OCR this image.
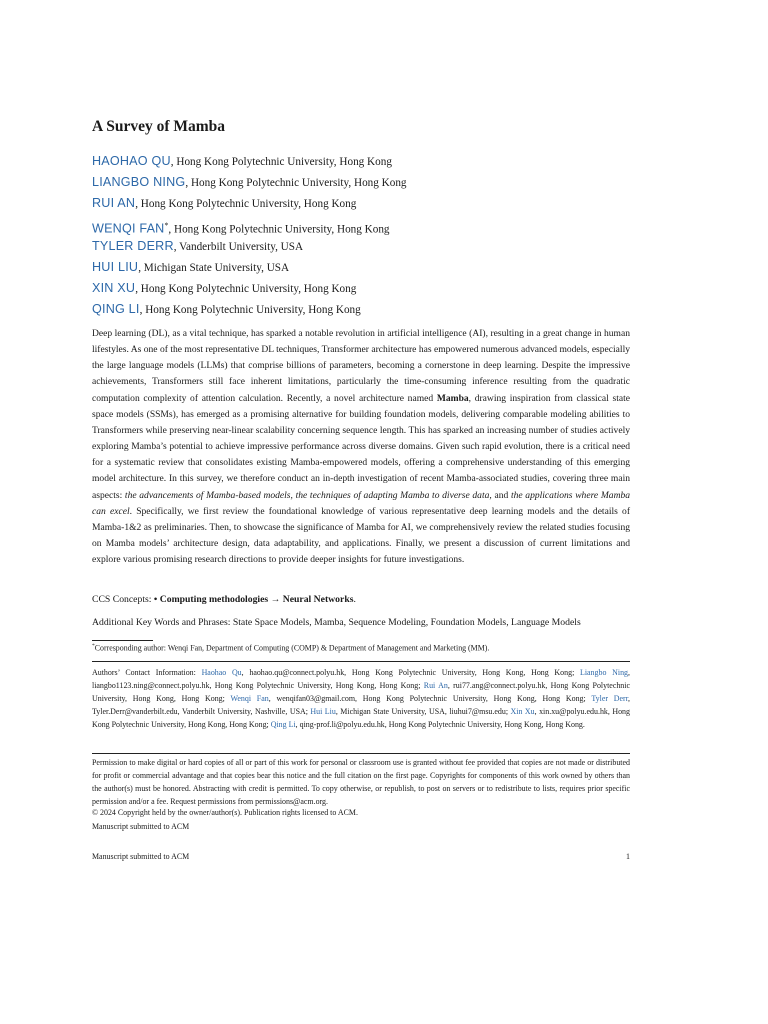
A Survey of Mamba
HAOHAO QU, Hong Kong Polytechnic University, Hong Kong
LIANGBO NING, Hong Kong Polytechnic University, Hong Kong
RUI AN, Hong Kong Polytechnic University, Hong Kong
WENQI FAN*, Hong Kong Polytechnic University, Hong Kong
TYLER DERR, Vanderbilt University, USA
HUI LIU, Michigan State University, USA
XIN XU, Hong Kong Polytechnic University, Hong Kong
QING LI, Hong Kong Polytechnic University, Hong Kong

Deep learning (DL), as a vital technique, has sparked a notable revolution in artificial intelligence (AI), resulting in a great change in human lifestyles. As one of the most representative DL techniques, Transformer architecture has empowered numerous advanced models, especially the large language models (LLMs) that comprise billions of parameters, becoming a cornerstone in deep learning. Despite the impressive achievements, Transformers still face inherent limitations, particularly the time-consuming inference resulting from the quadratic computation complexity of attention calculation. Recently, a novel architecture named Mamba, drawing inspiration from classical state space models (SSMs), has emerged as a promising alternative for building foundation models, delivering comparable modeling abilities to Transformers while preserving near-linear scalability concerning sequence length. This has sparked an increasing number of studies actively exploring Mamba’s potential to achieve impressive performance across diverse domains. Given such rapid evolution, there is a critical need for a systematic review that consolidates existing Mamba-empowered models, offering a comprehensive understanding of this emerging model architecture. In this survey, we therefore conduct an in-depth investigation of recent Mamba-associated studies, covering three main aspects: the advancements of Mamba-based models, the techniques of adapting Mamba to diverse data, and the applications where Mamba can excel. Specifically, we first review the foundational knowledge of various representative deep learning models and the details of Mamba-1&2 as preliminaries. Then, to showcase the significance of Mamba for AI, we comprehensively review the related studies focusing on Mamba models’ architecture design, data adaptability, and applications. Finally, we present a discussion of current limitations and explore various promising research directions to provide deeper insights for future investigations.

CCS Concepts: • Computing methodologies → Neural Networks.

Additional Key Words and Phrases: State Space Models, Mamba, Sequence Modeling, Foundation Models, Language Models

*Corresponding author: Wenqi Fan, Department of Computing (COMP) & Department of Management and Marketing (MM).

Authors’ Contact Information: Haohao Qu, haohao.qu@connect.polyu.hk, Hong Kong Polytechnic University, Hong Kong, Hong Kong; Liangbo Ning, liangbo1123.ning@connect.polyu.hk, Hong Kong Polytechnic University, Hong Kong, Hong Kong; Rui An, rui77.ang@connect.polyu.hk, Hong Kong Polytechnic University, Hong Kong, Hong Kong; Wenqi Fan, wenqifan03@gmail.com, Hong Kong Polytechnic University, Hong Kong, Hong Kong; Tyler Derr, Tyler.Derr@vanderbilt.edu, Vanderbilt University, Nashville, USA; Hui Liu, Michigan State University, USA, liuhui7@msu.edu; Xin Xu, xin.xu@polyu.edu.hk, Hong Kong Polytechnic University, Hong Kong, Hong Kong; Qing Li, qing-prof.li@polyu.edu.hk, Hong Kong Polytechnic University, Hong Kong, Hong Kong.

Permission to make digital or hard copies of all or part of this work for personal or classroom use is granted without fee provided that copies are not made or distributed for profit or commercial advantage and that copies bear this notice and the full citation on the first page. Copyrights for components of this work owned by others than the author(s) must be honored. Abstracting with credit is permitted. To copy otherwise, or republish, to post on servers or to redistribute to lists, requires prior specific permission and/or a fee. Request permissions from permissions@acm.org.

© 2024 Copyright held by the owner/author(s). Publication rights licensed to ACM.
Manuscript submitted to ACM
Manuscript submitted to ACM	1
